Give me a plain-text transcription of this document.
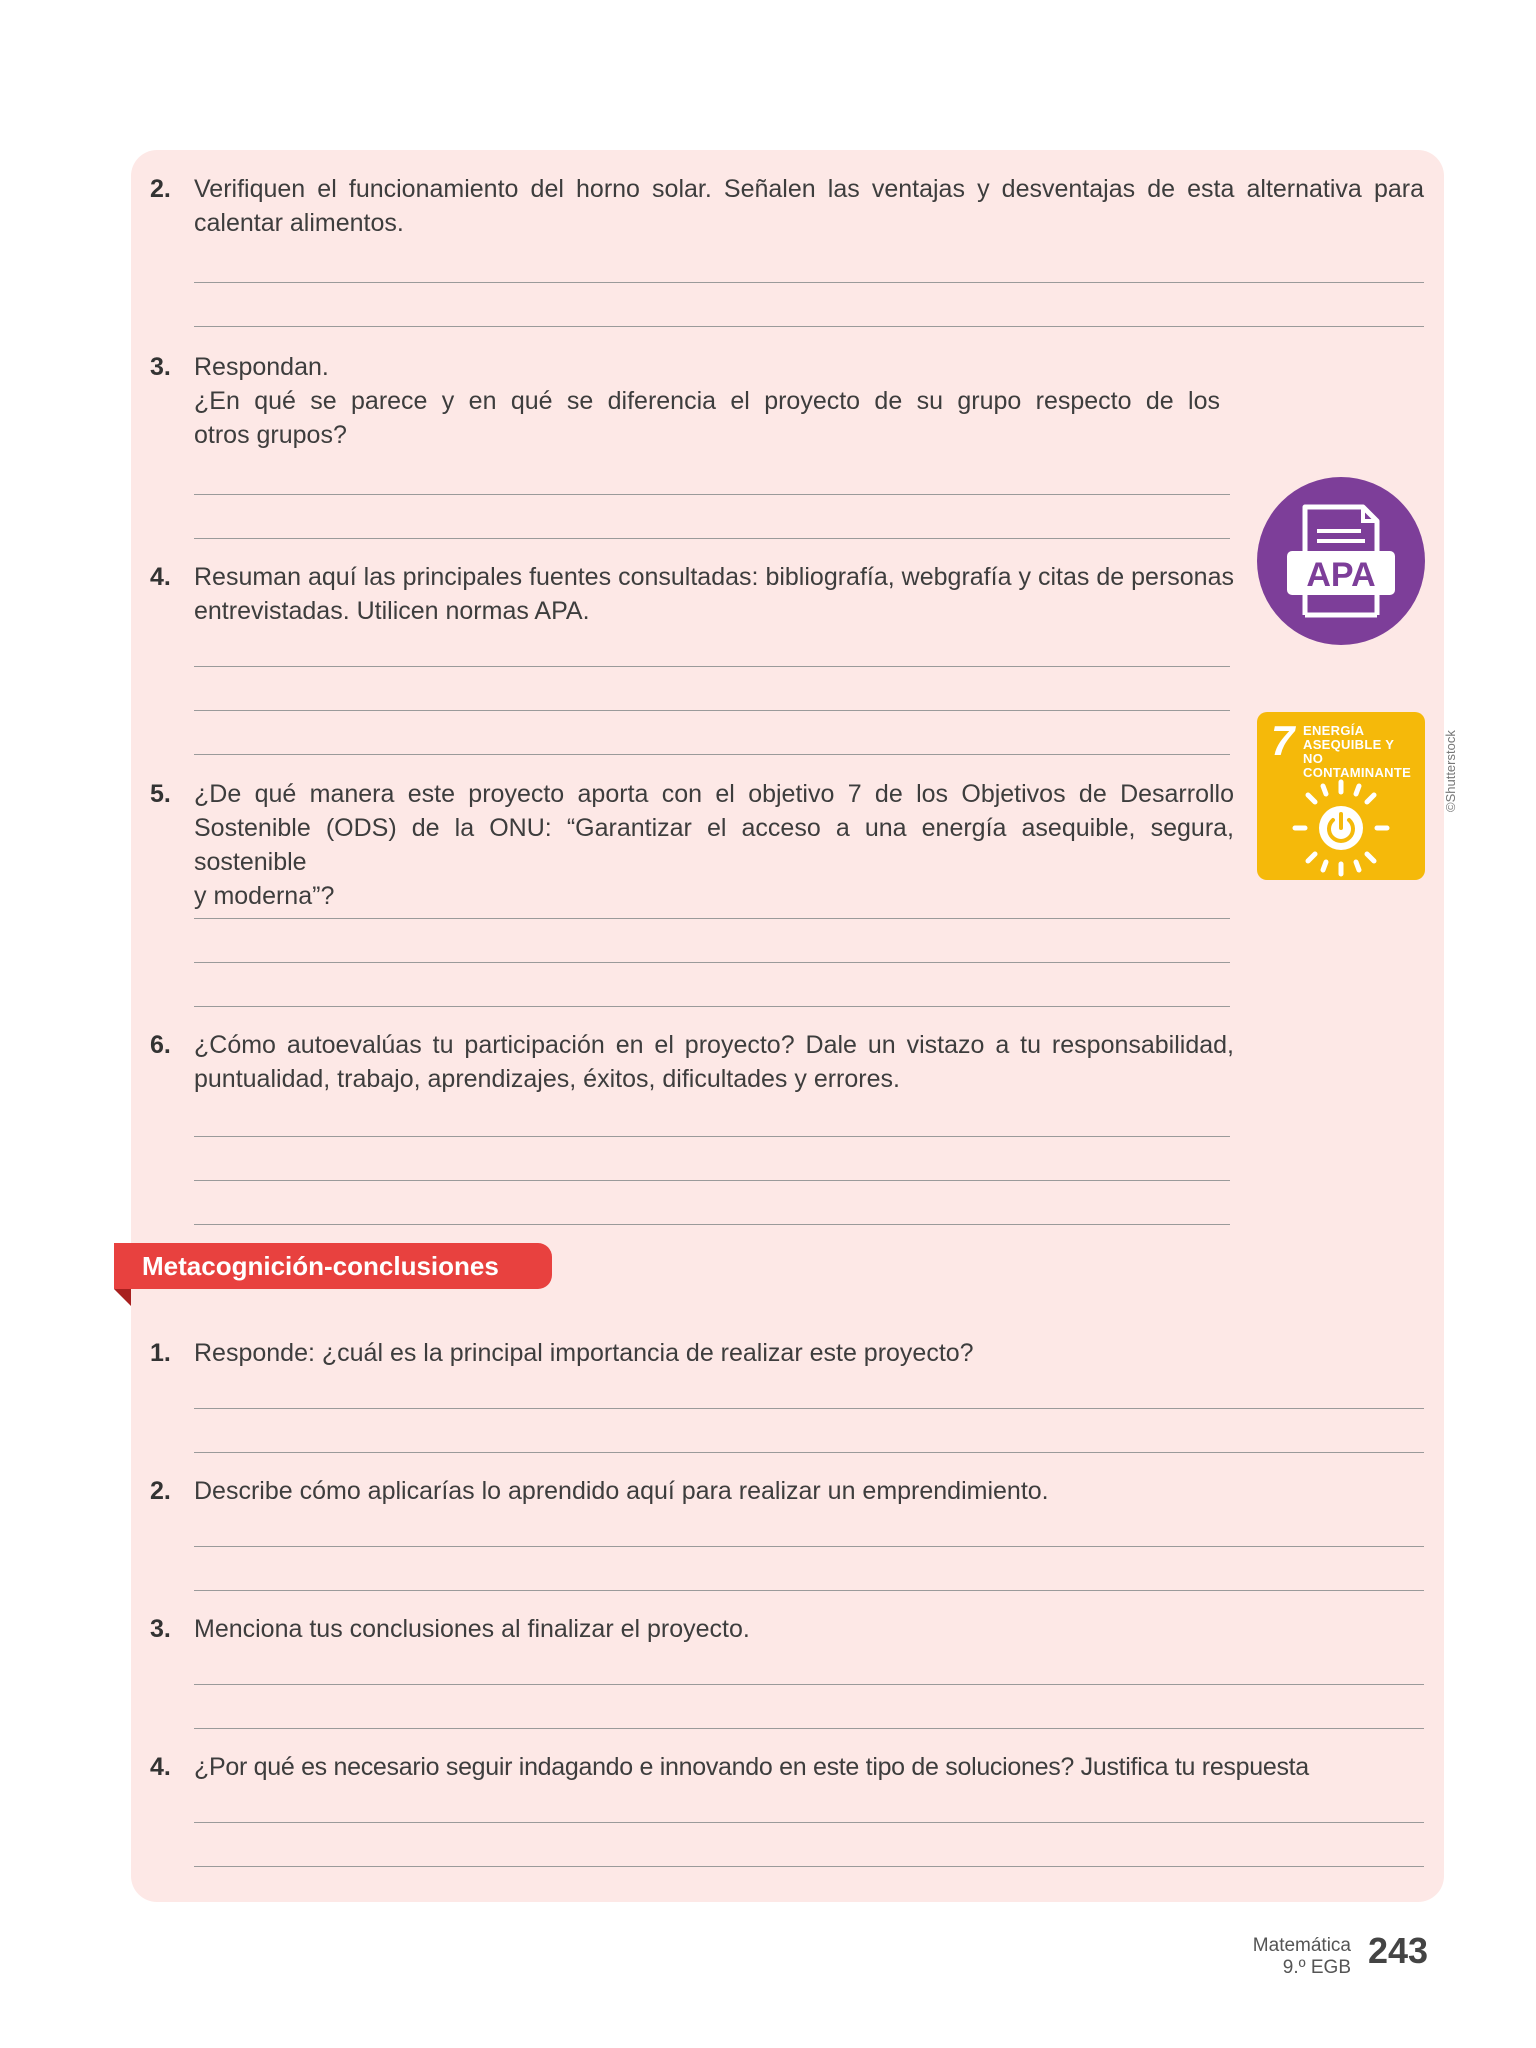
2. Verifiquen el funcionamiento del horno solar. Señalen las ventajas y desventajas de esta alternativa para
calentar alimentos.
3. Respondan.
¿En qué se parece y en qué se diferencia el proyecto de su grupo respecto de los
otros grupos?
4. Resuman aquí las principales fuentes consultadas: bibliografía, webgrafía y citas de personas
entrevistadas. Utilicen normas APA.
5. ¿De qué manera este proyecto aporta con el objetivo 7 de los Objetivos de Desarrollo
Sostenible (ODS) de la ONU: “Garantizar el acceso a una energía asequible, segura, sostenible
y moderna”?
6. ¿Cómo autoevalúas tu participación en el proyecto? Dale un vistazo a tu responsabilidad,
puntualidad, trabajo, aprendizajes, éxitos, dificultades y errores.
Metacognición-conclusiones
1. Responde: ¿cuál es la principal importancia de realizar este proyecto?
2. Describe cómo aplicarías lo aprendido aquí para realizar un emprendimiento.
3. Menciona tus conclusiones al finalizar el proyecto.
4. ¿Por qué es necesario seguir indagando e innovando en este tipo de soluciones? Justifica tu respuesta
APA
7 ENERGÍA
ASEQUIBLE Y NO
CONTAMINANTE	©Shutterstock
Matemática
9.º EGB 243
